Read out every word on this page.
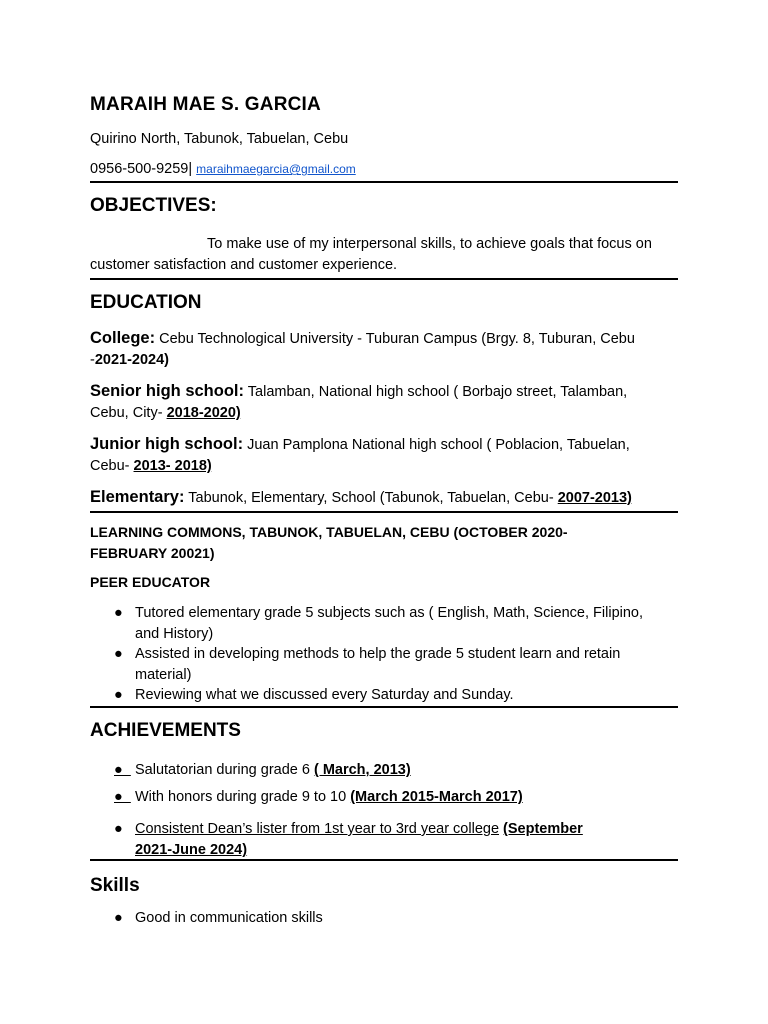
MARAIH MAE S. GARCIA
Quirino North, Tabunok, Tabuelan, Cebu
0956-500-9259| maraihmaegarcia@gmail.com
OBJECTIVES:
To make use of my interpersonal skills, to achieve goals that focus on
customer satisfaction and customer experience.
EDUCATION
College: Cebu Technological University - Tuburan Campus (Brgy. 8, Tuburan, Cebu
-2021-2024)
Senior high school: Talamban, National high school ( Borbajo street, Talamban,
Cebu, City- 2018-2020)
Junior high school: Juan Pamplona National high school ( Poblacion, Tabuelan,
Cebu- 2013- 2018)
Elementary: Tabunok, Elementary, School (Tabunok, Tabuelan, Cebu- 2007-2013)
LEARNING COMMONS, TABUNOK, TABUELAN, CEBU (OCTOBER 2020-
FEBRUARY 20021)
PEER EDUCATOR
● Tutored elementary grade 5 subjects such as ( English, Math, Science, Filipino,
and History)
● Assisted in developing methods to help the grade 5 student learn and retain
material)
● Reviewing what we discussed every Saturday and Sunday.
ACHIEVEMENTS
● Salutatorian during grade 6 ( March, 2013)
● With honors during grade 9 to 10 (March 2015-March 2017)
● Consistent Dean’s lister from 1st year to 3rd year college (September
2021-June 2024)
Skills
● Good in communication skills
